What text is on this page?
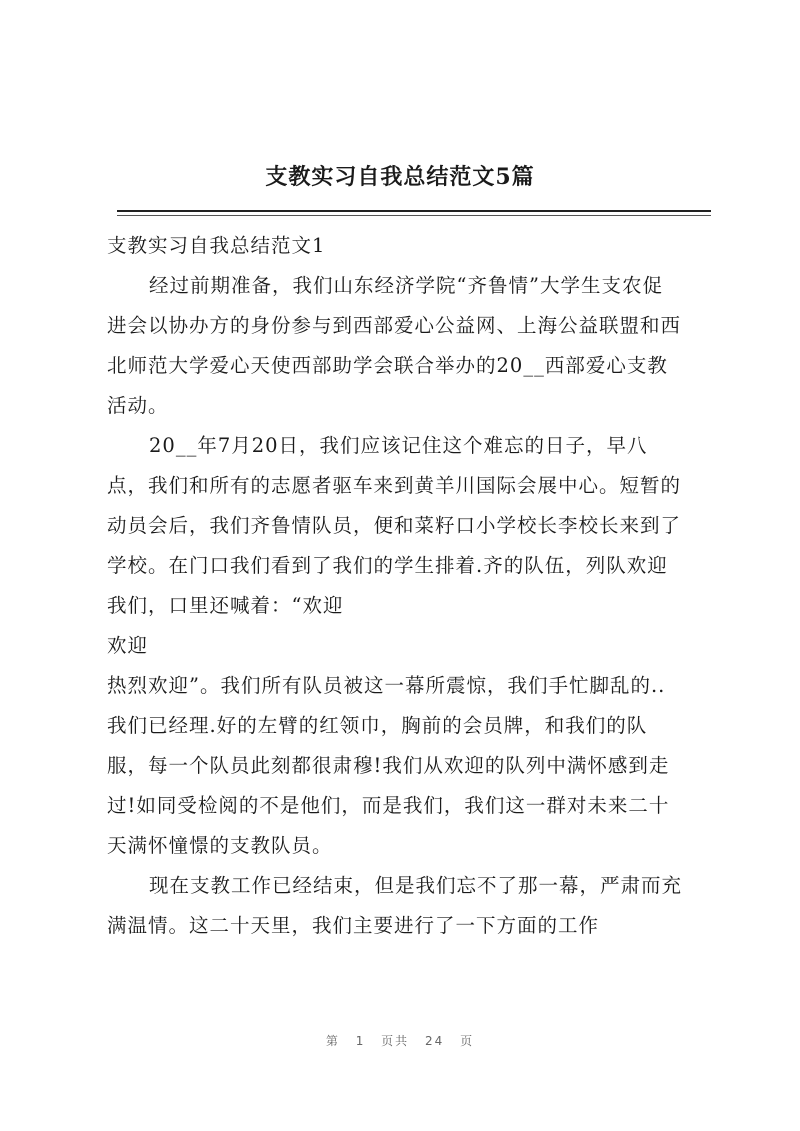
支教实习自我总结范文5篇
支教实习自我总结范文1
经过前期准备，我们山东经济学院“齐鲁情”大学生支农促
进会以协办方的身份参与到西部爱心公益网、上海公益联盟和西
北师范大学爱心天使西部助学会联合举办的20__西部爱心支教
活动。
20__年7月20日，我们应该记住这个难忘的日子，早八
点，我们和所有的志愿者驱车来到黄羊川国际会展中心。短暂的
动员会后，我们齐鲁情队员，便和菜籽口小学校长李校长来到了
学校。在门口我们看到了我们的学生排着.齐的队伍，列队欢迎
我们，口里还喊着：“欢迎
欢迎
热烈欢迎”。我们所有队员被这一幕所震惊，我们手忙脚乱的..
我们已经理.好的左臂的红领巾，胸前的会员牌，和我们的队
服，每一个队员此刻都很肃穆!我们从欢迎的队列中满怀感到走
过!如同受检阅的不是他们，而是我们，我们这一群对未来二十
天满怀憧憬的支教队员。
现在支教工作已经结束，但是我们忘不了那一幕，严肃而充
满温情。这二十天里，我们主要进行了一下方面的工作
第 1 页共 24 页
